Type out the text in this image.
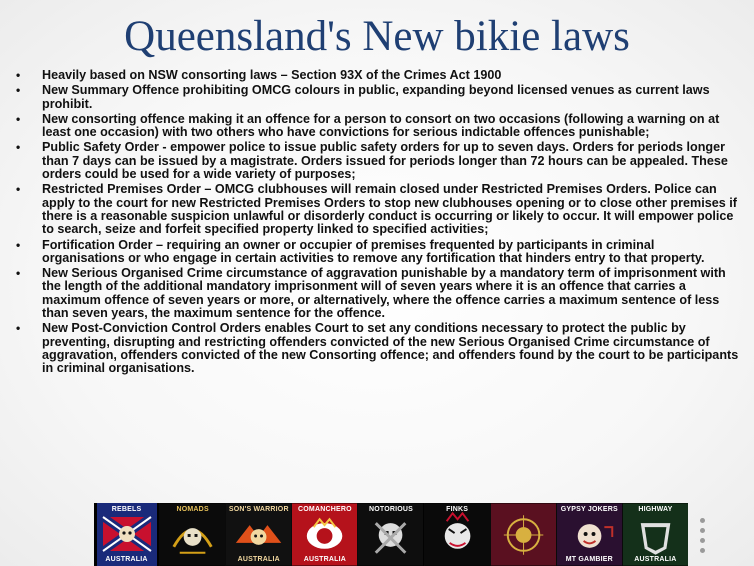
Queensland's New bikie laws
• Heavily based on NSW consorting laws – Section 93X of the Crimes Act 1900
• New Summary Offence prohibiting OMCG colours in public, expanding beyond licensed venues as current laws prohibit.
• New consorting offence making it an offence for a person to consort on two occasions (following a warning on at least one occasion) with two others who have convictions for serious indictable offences punishable;
• Public Safety Order - empower police to issue public safety orders for up to seven days. Orders for periods longer than 7 days can be issued by a magistrate. Orders issued for periods longer than 72 hours can be appealed. These orders could be used for a wide variety of purposes;
• Restricted Premises Order – OMCG clubhouses will remain closed under Restricted Premises Orders. Police can apply to the court for new Restricted Premises Orders to stop new clubhouses opening or to close other premises if there is a reasonable suspicion unlawful or disorderly conduct is occurring or likely to occur. It will empower police to search, seize and forfeit specified property linked to specified activities;
• Fortification Order – requiring an owner or occupier of premises frequented by participants in criminal organisations or who engage in certain activities to remove any fortification that hinders entry to that property.
• New Serious Organised Crime circumstance of aggravation punishable by a mandatory term of imprisonment with the length of the additional mandatory imprisonment will of seven years where it is an offence that carries a maximum offence of seven years or more, or alternatively, where the offence carries a maximum sentence of less than seven years, the maximum sentence for the offence.
• New Post-Conviction Control Orders enables Court to set any conditions necessary to protect the public by preventing, disrupting and restricting offenders convicted of the new Serious Organised Crime circumstance of aggravation, offenders convicted of the new Consorting offence; and offenders found by the court to be participants in criminal organisations.
REBELS
AUSTRALIA
NOMADS	SON'S WARRIOR
AUSTRALIA
COMANCHERO
AUSTRALIA
NOTORIOUS	FINKS	GYPSY JOKERS
MT GAMBIER
HIGHWAY
AUSTRALIA
